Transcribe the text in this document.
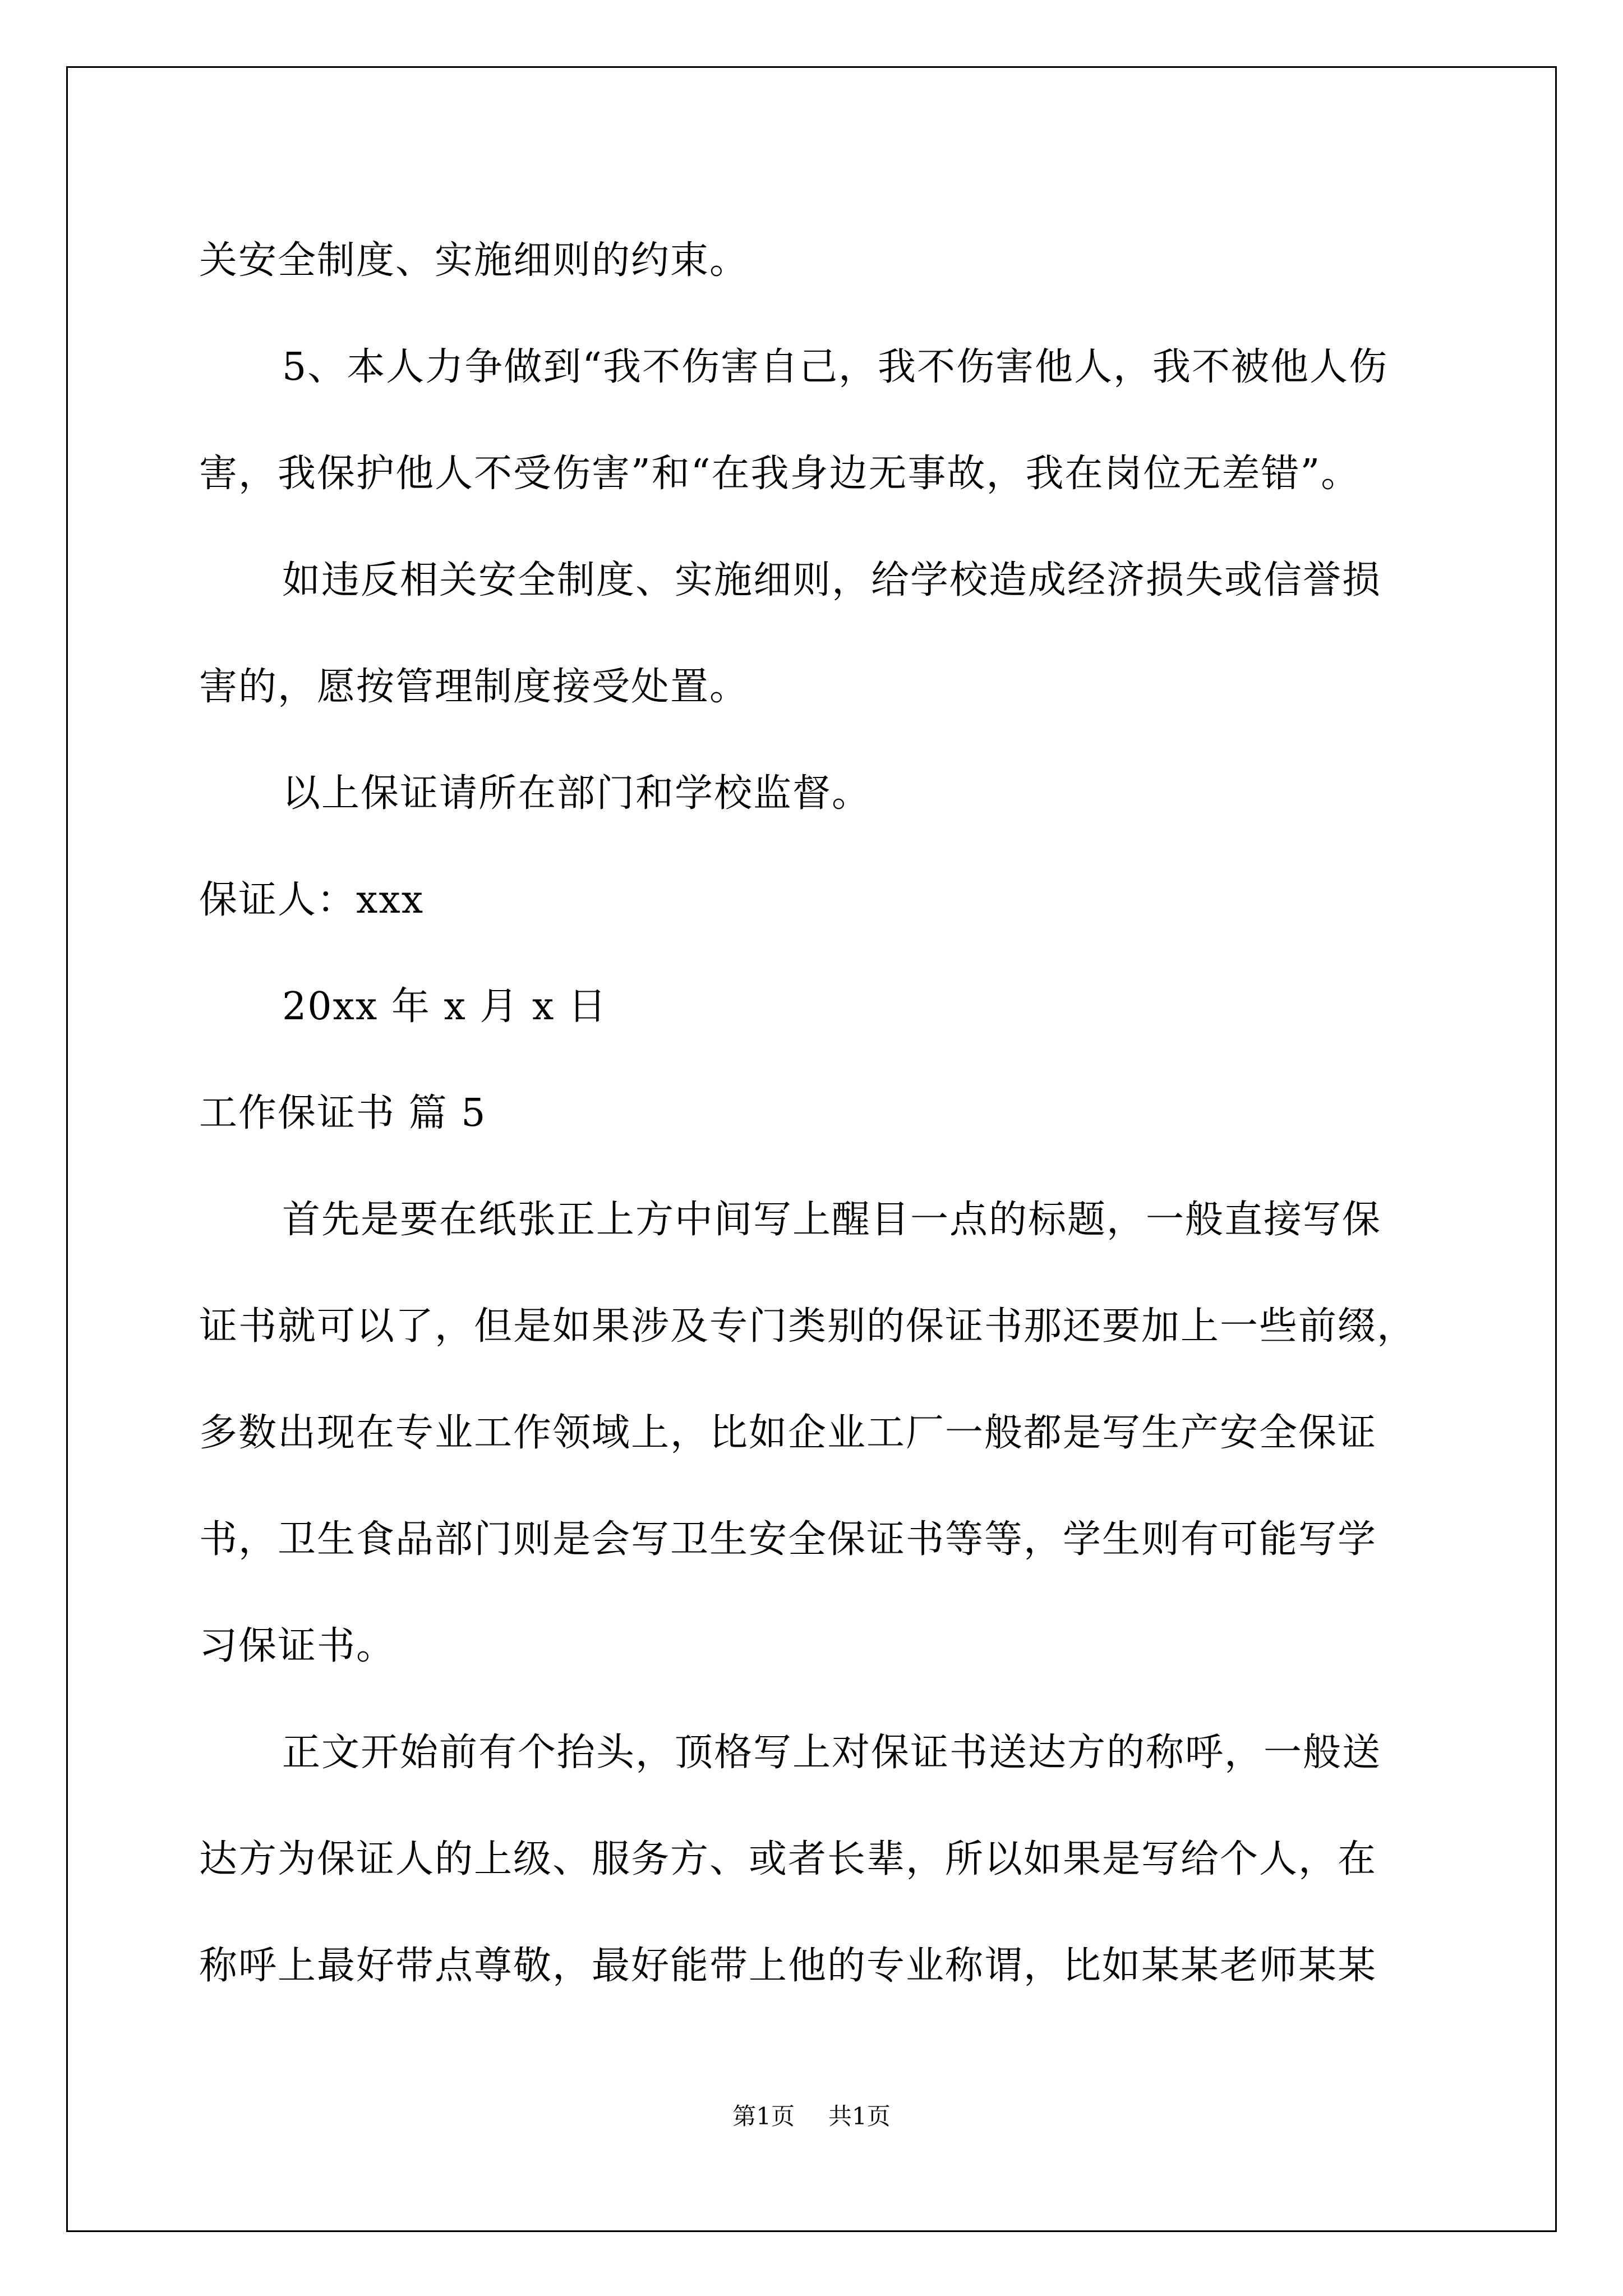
关安全制度、实施细则的约束。

5、本人力争做到“我不伤害自己，我不伤害他人，我不被他人伤

害，我保护他人不受伤害”和“在我身边无事故，我在岗位无差错”。

如违反相关安全制度、实施细则，给学校造成经济损失或信誉损

害的，愿按管理制度接受处置。

以上保证请所在部门和学校监督。

保证人：xxx

20xx 年 x 月 x 日

工作保证书 篇 5

首先是要在纸张正上方中间写上醒目一点的标题，一般直接写保

证书就可以了，但是如果涉及专门类别的保证书那还要加上一些前缀，

多数出现在专业工作领域上，比如企业工厂一般都是写生产安全保证

书，卫生食品部门则是会写卫生安全保证书等等，学生则有可能写学

习保证书。

正文开始前有个抬头，顶格写上对保证书送达方的称呼，一般送

达方为保证人的上级、服务方、或者长辈，所以如果是写给个人，在

称呼上最好带点尊敬，最好能带上他的专业称谓，比如某某老师某某

第1页 共1页
